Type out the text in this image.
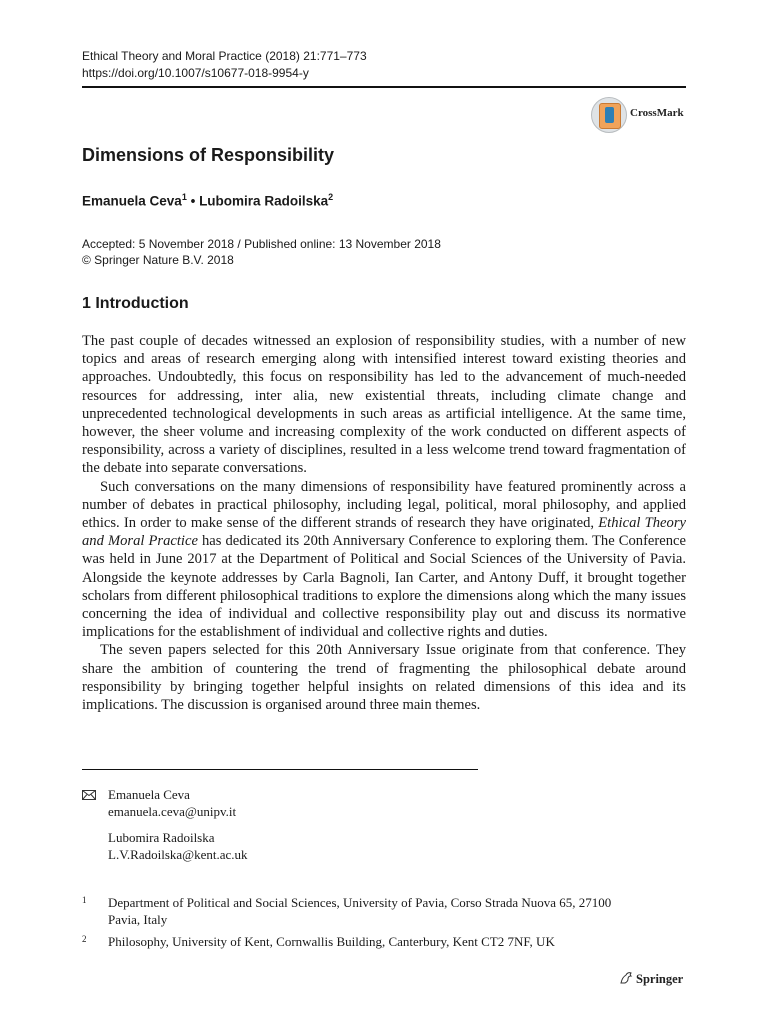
Ethical Theory and Moral Practice (2018) 21:771–773
https://doi.org/10.1007/s10677-018-9954-y
CrossMark
Dimensions of Responsibility
Emanuela Ceva$^1$ • Lubomira Radoilska$^2$
Accepted: 5 November 2018 / Published online: 13 November 2018
© Springer Nature B.V. 2018
1 Introduction

The past couple of decades witnessed an explosion of responsibility studies, with a number of new topics and areas of research emerging along with intensified interest toward existing theories and approaches. Undoubtedly, this focus on responsibility has led to the advancement of much-needed resources for addressing, inter alia, new existential threats, including climate change and unprecedented technological developments in such areas as artificial intelligence. At the same time, however, the sheer volume and increasing complexity of the work conducted on different aspects of responsibility, across a variety of disciplines, resulted in a less welcome trend toward fragmentation of the debate into separate conversations.

Such conversations on the many dimensions of responsibility have featured prominently across a number of debates in practical philosophy, including legal, political, moral philosophy, and applied ethics. In order to make sense of the different strands of research they have originated, Ethical Theory and Moral Practice has dedicated its 20th Anniversary Conference to exploring them. The Conference was held in June 2017 at the Department of Political and Social Sciences of the University of Pavia. Alongside the keynote addresses by Carla Bagnoli, Ian Carter, and Antony Duff, it brought together scholars from different philosophical traditions to explore the dimensions along which the many issues concerning the idea of individual and collective responsibility play out and discuss its normative implications for the establishment of individual and collective rights and duties.

The seven papers selected for this 20th Anniversary Issue originate from that conference. They share the ambition of countering the trend of fragmenting the philosophical debate around responsibility by bringing together helpful insights on related dimensions of this idea and its implications. The discussion is organised around three main themes.

Emanuela Ceva
emanuela.ceva@unipv.it
Lubomira Radoilska
L.V.Radoilska@kent.ac.uk
1 Department of Political and Social Sciences, University of Pavia, Corso Strada Nuova 65, 27100 Pavia, Italy
2 Philosophy, University of Kent, Cornwallis Building, Canterbury, Kent CT2 7NF, UK
Springer
